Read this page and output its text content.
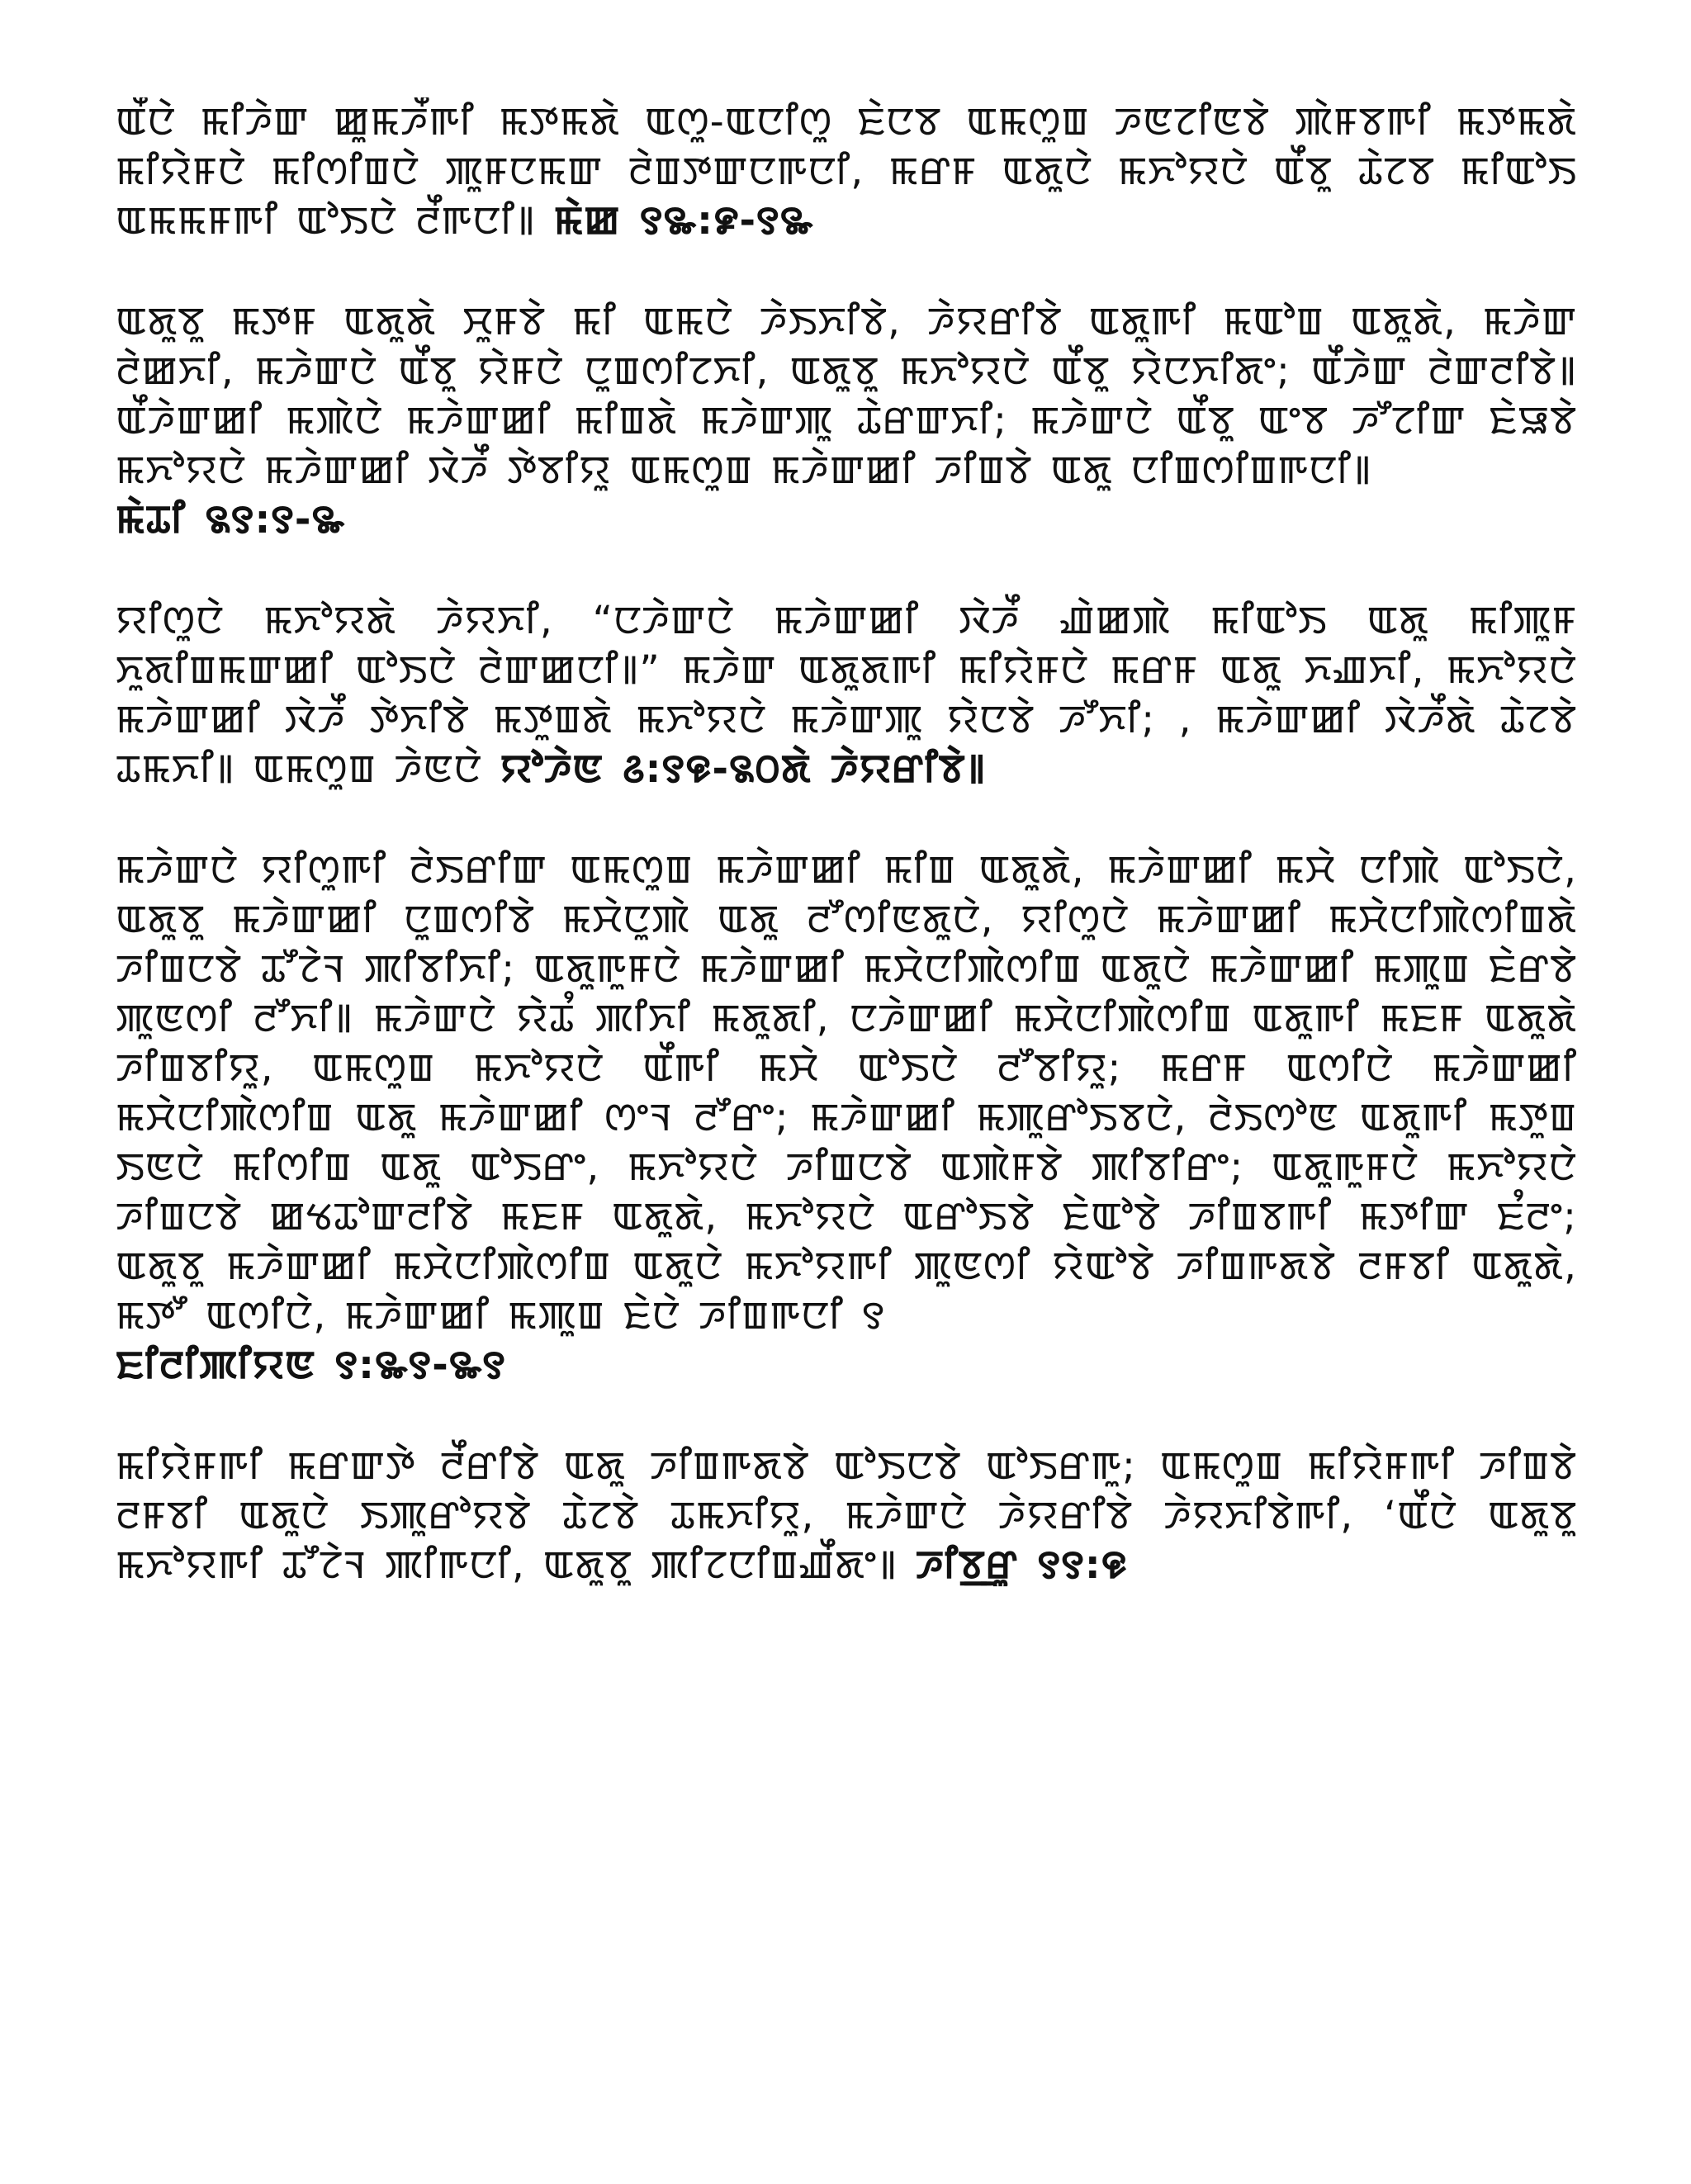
ꯑꯩꯅꯥ ꯃꯤꯍꯥꯛ ꯀꯨꯃꯍꯩꯒꯤ ꯃꯇꯃꯗꯥ ꯑꯁꯨ-ꯑꯅꯤꯁꯨ ꯐꯥꯅꯕ ꯑꯃꯁꯨꯡ ꯍꯟꯖꯤꯟꯕꯥ ꯄꯥꯝꯕꯒꯤ ꯃꯇꯃꯗꯥ ꯃꯤꯌꯥꯝꯅꯥ ꯃꯤꯁꯤꯡꯅꯥ ꯄꯨꯝꯅꯃꯛ ꯂꯥꯡꯇꯛꯅꯒꯅꯤ, ꯃꯔꯝ ꯑꯗꯨꯅꯥ ꯃꯈꯣꯌꯅꯥ ꯑꯩꯕꯨ ꯊꯥꯖꯕ ꯃꯤꯑꯣꯏ ꯑꯃꯃꯝꯒꯤ ꯑꯣꯏꯅꯥ ꯂꯩꯒꯅꯤ꯫ ꯃꯥꯀ ꯱꯳:꯹-꯱꯳

ꯑꯗꯨꯕꯨ ꯃꯇꯝ ꯑꯗꯨꯗꯥ ꯆꯨꯝꯕꯥ ꯃꯤ ꯑꯃꯅꯥ ꯍꯥꯏꯈꯤꯕꯥ, ꯍꯥꯌꯔꯤꯕꯥ ꯑꯗꯨꯒꯤ ꯃꯑꯣꯡ ꯑꯗꯨꯗꯥ, ꯃꯍꯥꯛ ꯂꯥꯀꯈꯤ, ꯃꯍꯥꯛꯅꯥ ꯑꯩꯕꯨ ꯌꯥꯝꯅꯥ ꯅꯨꯡꯁꯤꯖꯈꯤ, ꯑꯗꯨꯕꯨ ꯃꯈꯣꯌꯅꯥ ꯑꯩꯕꯨ ꯌꯥꯅꯈꯤꯗꯦ; ꯑꯩꯍꯥꯛ ꯂꯥꯛꯂꯤꯕꯥ꯫ ꯑꯩꯍꯥꯛꯀꯤ ꯃꯄꯥꯅꯥ ꯃꯍꯥꯛꯀꯤ ꯃꯤꯡꯗꯥ ꯃꯍꯥꯛꯄꯨ ꯊꯥꯔꯛꯈꯤ; ꯃꯍꯥꯛꯅꯥ ꯑꯩꯕꯨ ꯑꯦꯕ ꯍꯧꯖꯤꯛ ꯐꯥꯎꯕꯥ ꯃꯈꯣꯌꯅꯥ ꯃꯍꯥꯛꯀꯤ ꯋꯥꯍꯩ ꯇꯥꯕꯤꯌꯨ ꯑꯃꯁꯨꯡ ꯃꯍꯥꯛꯀꯤ ꯍꯤꯡꯕꯥ ꯑꯗꯨ ꯅꯤꯡꯁꯤꯡꯒꯅꯤ꯫
ꯃꯥꯊꯤ ꯲꯱:꯱-꯳

ꯌꯤꯁꯨꯅꯥ ꯃꯈꯣꯌꯗꯥ ꯍꯥꯌꯈꯤ, “ꯅꯍꯥꯛꯅꯥ ꯃꯍꯥꯛꯀꯤ ꯋꯥꯍꯩ ꯉꯥꯀꯄꯥ ꯃꯤꯑꯣꯏ ꯑꯗꯨ ꯃꯤꯄꯨꯝ ꯈꯨꯗꯤꯡꯃꯛꯀꯤ ꯑꯣꯏꯅꯥ ꯂꯥꯛꯀꯅꯤ꯫” ꯃꯍꯥꯛ ꯑꯗꯨꯗꯒꯤ ꯃꯤꯌꯥꯝꯅꯥ ꯃꯔꯝ ꯑꯗꯨ ꯈꯉꯈꯤ, ꯃꯈꯣꯌꯅꯥ ꯃꯍꯥꯛꯀꯤ ꯋꯥꯍꯩ ꯇꯥꯈꯤꯕꯥ ꯃꯇꯨꯡꯗꯥ ꯃꯈꯣꯌꯅꯥ ꯃꯍꯥꯛꯄꯨ ꯌꯥꯅꯕꯥ ꯍꯧꯈꯤ; , ꯃꯍꯥꯛꯀꯤ ꯋꯥꯍꯩꯗꯥ ꯊꯥꯖꯕꯥ ꯊꯃꯈꯤ꯫ ꯑꯃꯁꯨꯡ ꯍꯥꯟꯅꯥ ꯌꯣꯍꯥꯟ ꯴:꯱꯶-꯲꯰ꯗꯥ ꯍꯥꯌꯔꯤꯕꯥ꯫

ꯃꯍꯥꯛꯅꯥ ꯌꯤꯁꯨꯒꯤ ꯂꯥꯏꯔꯤꯛ ꯑꯃꯁꯨꯡ ꯃꯍꯥꯛꯀꯤ ꯃꯤꯡ ꯑꯗꯨꯗꯥ, ꯃꯍꯥꯛꯀꯤ ꯃꯆꯥ ꯅꯤꯄꯥ ꯑꯣꯏꯅꯥ, ꯑꯗꯨꯕꯨ ꯃꯍꯥꯛꯀꯤ ꯅꯨꯡꯁꯤꯕꯥ ꯃꯆꯥꯅꯨꯄꯥ ꯑꯗꯨ ꯂꯧꯁꯤꯟꯗꯨꯅꯥ, ꯌꯤꯁꯨꯅꯥ ꯃꯍꯥꯛꯀꯤ ꯃꯆꯥꯅꯤꯄꯥꯁꯤꯡꯗꯥ ꯍꯤꯡꯅꯕꯥ ꯊꯧꯖꯥꯜ ꯄꯤꯕꯤꯈꯤ; ꯑꯗꯨꯒꯨꯝꯅꯥ ꯃꯍꯥꯛꯀꯤ ꯃꯆꯥꯅꯤꯄꯥꯁꯤꯡ ꯑꯗꯨꯅꯥ ꯃꯍꯥꯛꯀꯤ ꯃꯄꯨꯡ ꯐꯥꯔꯕꯥ ꯄꯨꯟꯁꯤ ꯂꯧꯈꯤ꯫ ꯃꯍꯥꯛꯅꯥ ꯌꯥꯊꯪ ꯄꯤꯈꯤ ꯃꯗꯨꯗꯤ, ꯅꯍꯥꯛꯀꯤ ꯃꯆꯥꯅꯤꯄꯥꯁꯤꯡ ꯑꯗꯨꯒꯤ ꯃꯐꯝ ꯑꯗꯨꯗꯥ ꯍꯤꯡꯕꯤꯌꯨ, ꯑꯃꯁꯨꯡ ꯃꯈꯣꯌꯅꯥ ꯑꯩꯒꯤ ꯃꯆꯥ ꯑꯣꯏꯅꯥ ꯂꯧꯕꯤꯌꯨ; ꯃꯔꯝ ꯑꯁꯤꯅꯥ ꯃꯍꯥꯛꯀꯤ ꯃꯆꯥꯅꯤꯄꯥꯁꯤꯡ ꯑꯗꯨ ꯃꯍꯥꯛꯀꯤ ꯁꯦꯜ ꯂꯧꯔꯦ; ꯃꯍꯥꯛꯀꯤ ꯃꯄꯨꯔꯣꯏꯕꯅꯥ, ꯂꯥꯏꯁꯣꯟ ꯑꯗꯨꯒꯤ ꯃꯇꯨꯡ ꯏꯟꯅꯥ ꯃꯤꯁꯤꯡ ꯑꯗꯨ ꯑꯣꯏꯔꯦ, ꯃꯈꯣꯌꯅꯥ ꯍꯤꯡꯅꯕꯥ ꯑꯄꯥꯝꯕꯥ ꯄꯤꯕꯤꯔꯦ; ꯑꯗꯨꯒꯨꯝꯅꯥ ꯃꯈꯣꯌꯅꯥ ꯍꯤꯡꯅꯕꯥ ꯀꯠꯊꯣꯛꯂꯤꯕꯥ ꯃꯐꯝ ꯑꯗꯨꯗꯥ, ꯃꯈꯣꯌꯅꯥ ꯑꯔꯣꯏꯕꯥ ꯐꯥꯑꯣꯕꯥ ꯍꯤꯡꯕꯒꯤ ꯃꯇꯤꯛ ꯐꯪꯂꯦ; ꯑꯗꯨꯕꯨ ꯃꯍꯥꯛꯀꯤ ꯃꯆꯥꯅꯤꯄꯥꯁꯤꯡ ꯑꯗꯨꯅꯥ ꯃꯈꯣꯌꯒꯤ ꯄꯨꯟꯁꯤ ꯌꯥꯑꯣꯕꯥ ꯍꯤꯡꯒꯗꯕꯥ ꯂꯝꯕꯤ ꯑꯗꯨꯗꯥ, ꯃꯇꯧ ꯑꯁꯤꯅꯥ, ꯃꯍꯥꯛꯀꯤ ꯃꯄꯨꯡ ꯐꯥꯅꯥ ꯍꯤꯡꯒꯅꯤ ꯱
ꯐꯤꯂꯤꯄꯤꯌꯟ ꯱:꯳꯱-꯳꯱

ꯃꯤꯌꯥꯝꯒꯤ ꯃꯔꯛꯇꯥ ꯂꯩꯔꯤꯕꯥ ꯑꯗꯨ ꯍꯤꯡꯒꯗꯕꯥ ꯑꯣꯏꯅꯕꯥ ꯑꯣꯏꯔꯒꯨ; ꯑꯃꯁꯨꯡ ꯃꯤꯌꯥꯝꯒꯤ ꯍꯤꯡꯕꯥ ꯂꯝꯕꯤ ꯑꯗꯨꯅꯥ ꯏꯄꯨꯔꯣꯌꯕꯥ ꯊꯥꯖꯕꯥ ꯊꯃꯈꯤꯌꯨ, ꯃꯍꯥꯛꯅꯥ ꯍꯥꯌꯔꯤꯕꯥ ꯍꯥꯌꯈꯤꯕꯥꯒꯤ, ‘ꯑꯩꯅꯥ ꯑꯗꯨꯕꯨ ꯃꯈꯣꯌꯒꯤ ꯊꯧꯖꯥꯜ ꯄꯤꯒꯅꯤ, ꯑꯗꯨꯕꯨ ꯄꯤꯖꯅꯤꯡꯉꯩꯗꯦ꯫ ꯍꯤꯕ꯭ꯔꯨ ꯱꯱:꯶
